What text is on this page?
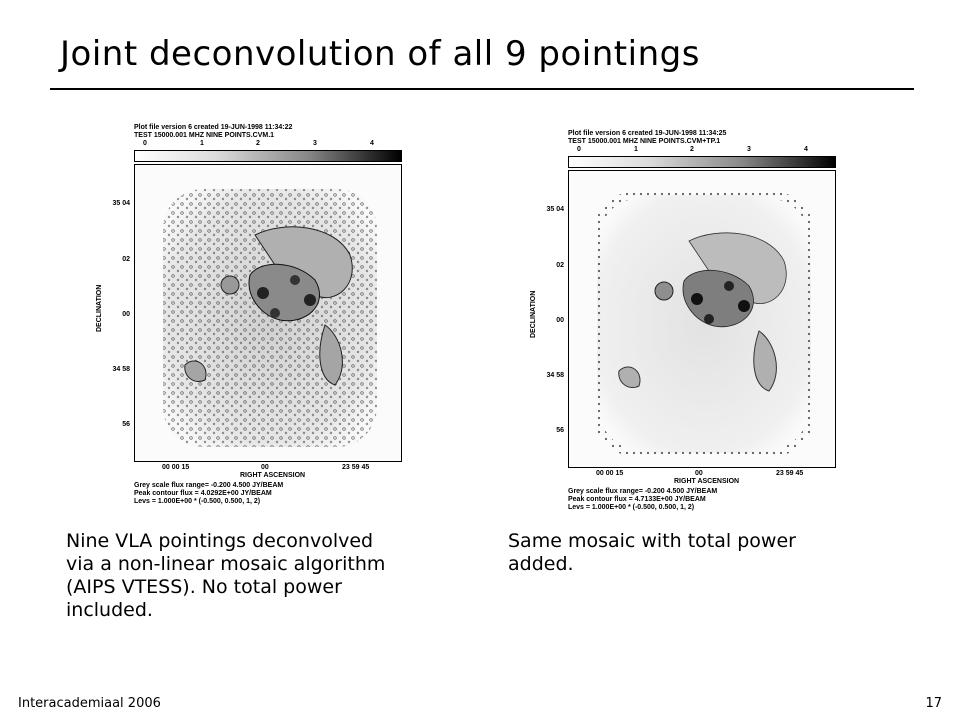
Joint deconvolution of all 9 pointings
Plot file version 6 created 19-JUN-1998 11:34:22
TEST 15000.001 MHZ NINE POINTS.CVM.1
0	1	2	3	4
DECLINATION
35 04
02
00
34 58
56
00 00 15	00	23 59 45
RIGHT ASCENSION
Grey scale flux range= -0.200 4.500 JY/BEAM
Peak contour flux = 4.0292E+00 JY/BEAM
Levs = 1.000E+00 * (-0.500, 0.500, 1, 2)
Plot file version 6 created 19-JUN-1998 11:34:25
TEST 15000.001 MHZ NINE POINTS.CVM+TP.1
0	1	2	3	4
DECLINATION
35 04
02
00
34 58
56
00 00 15	00	23 59 45
RIGHT ASCENSION
Grey scale flux range= -0.200 4.500 JY/BEAM
Peak contour flux = 4.7133E+00 JY/BEAM
Levs = 1.000E+00 * (-0.500, 0.500, 1, 2)
Nine VLA pointings deconvolved
via a non-linear mosaic algorithm
(AIPS VTESS). No total power
included.
Same mosaic with total power
added.
Interacademiaal 2006	17
